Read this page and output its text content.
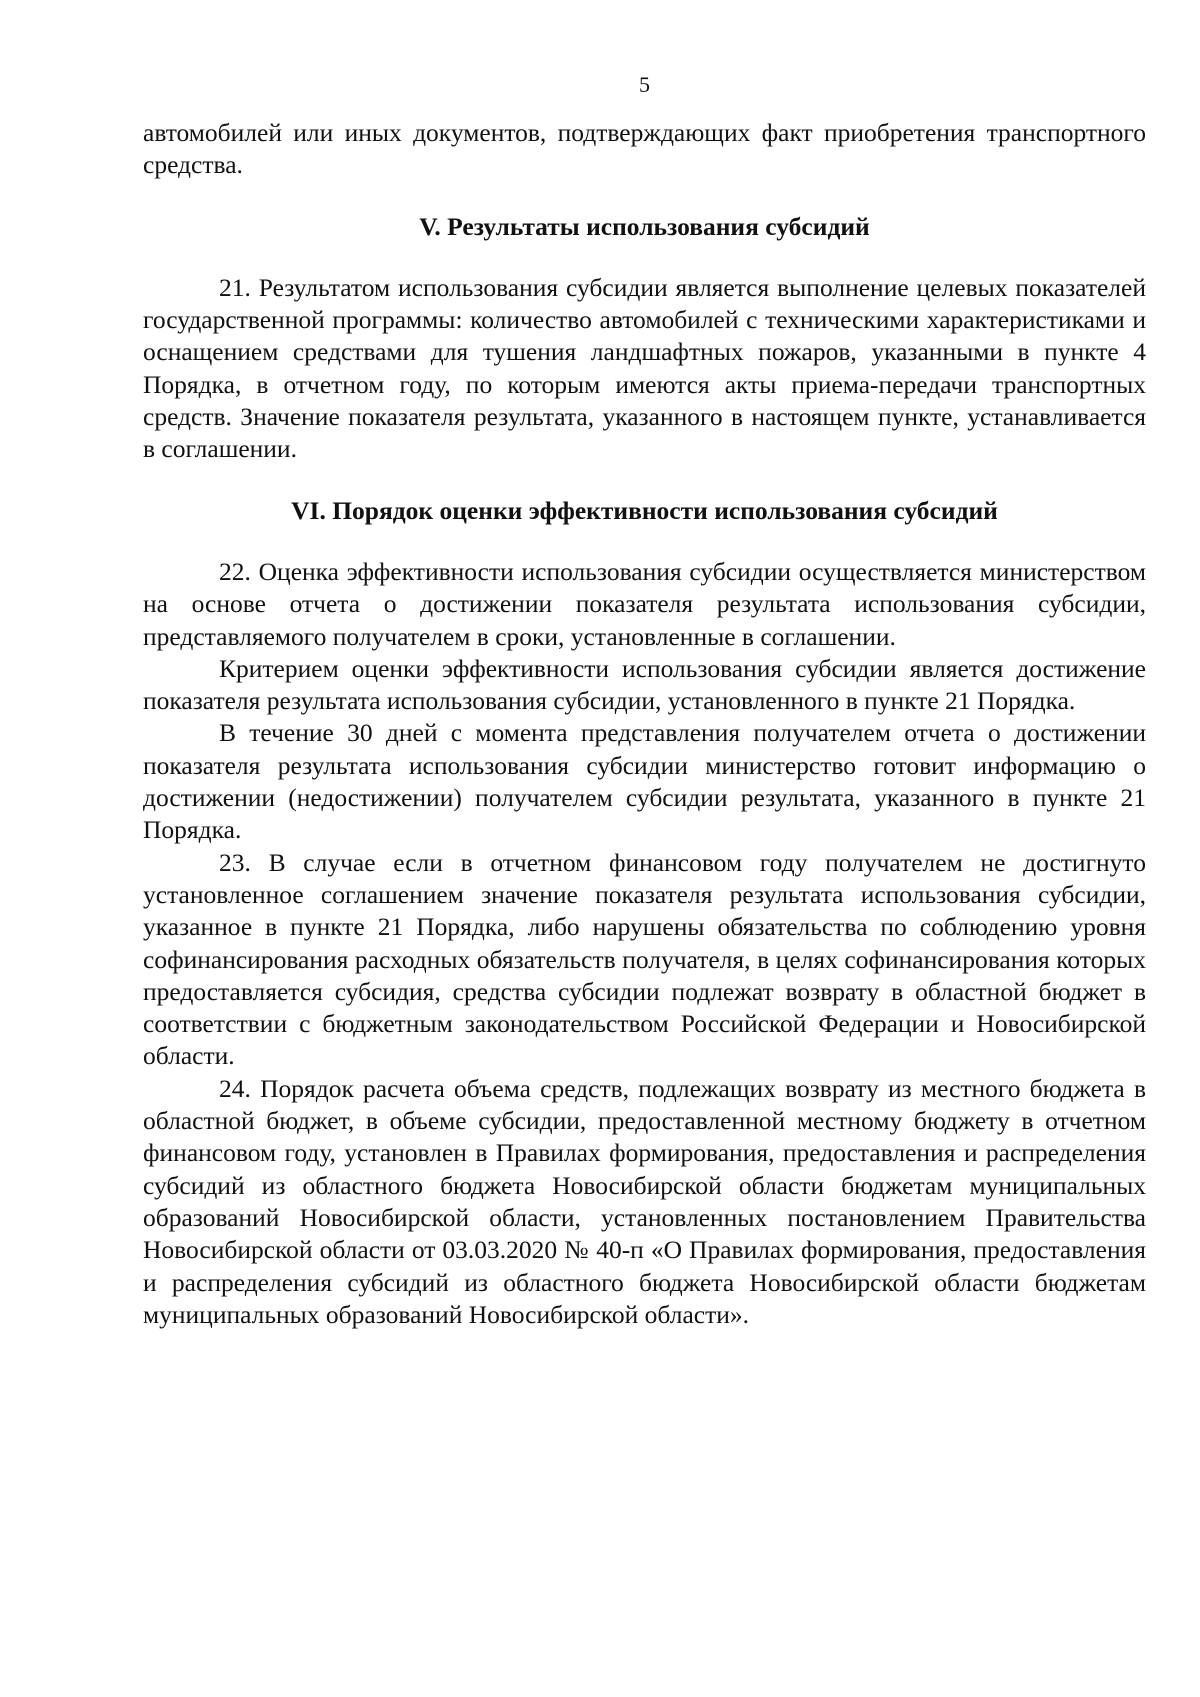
5

автомобилей или иных документов, подтверждающих факт приобретения транспортного средства.

V. Результаты использования субсидий

21. Результатом использования субсидии является выполнение целевых показателей государственной программы: количество автомобилей с техническими характеристиками и оснащением средствами для тушения ландшафтных пожаров, указанными в пункте 4 Порядка, в отчетном году, по которым имеются акты приема-передачи транспортных средств. Значение показателя результата, указанного в настоящем пункте, устанавливается в соглашении.

VI. Порядок оценки эффективности использования субсидий

22. Оценка эффективности использования субсидии осуществляется министерством на основе отчета о достижении показателя результата использования субсидии, представляемого получателем в сроки, установленные в соглашении.

Критерием оценки эффективности использования субсидии является достижение показателя результата использования субсидии, установленного в пункте 21 Порядка.

В течение 30 дней с момента представления получателем отчета о достижении показателя результата использования субсидии министерство готовит информацию о достижении (недостижении) получателем субсидии результата, указанного в пункте 21 Порядка.

23. В случае если в отчетном финансовом году получателем не достигнуто установленное соглашением значение показателя результата использования субсидии, указанное в пункте 21 Порядка, либо нарушены обязательства по соблюдению уровня софинансирования расходных обязательств получателя, в целях софинансирования которых предоставляется субсидия, средства субсидии подлежат возврату в областной бюджет в соответствии с бюджетным законодательством Российской Федерации и Новосибирской области.

24. Порядок расчета объема средств, подлежащих возврату из местного бюджета в областной бюджет, в объеме субсидии, предоставленной местному бюджету в отчетном финансовом году, установлен в Правилах формирования, предоставления и распределения субсидий из областного бюджета Новосибирской области бюджетам муниципальных образований Новосибирской области, установленных постановлением Правительства Новосибирской области от 03.03.2020 № 40-п «О Правилах формирования, предоставления и распределения субсидий из областного бюджета Новосибирской области бюджетам муниципальных образований Новосибирской области».
